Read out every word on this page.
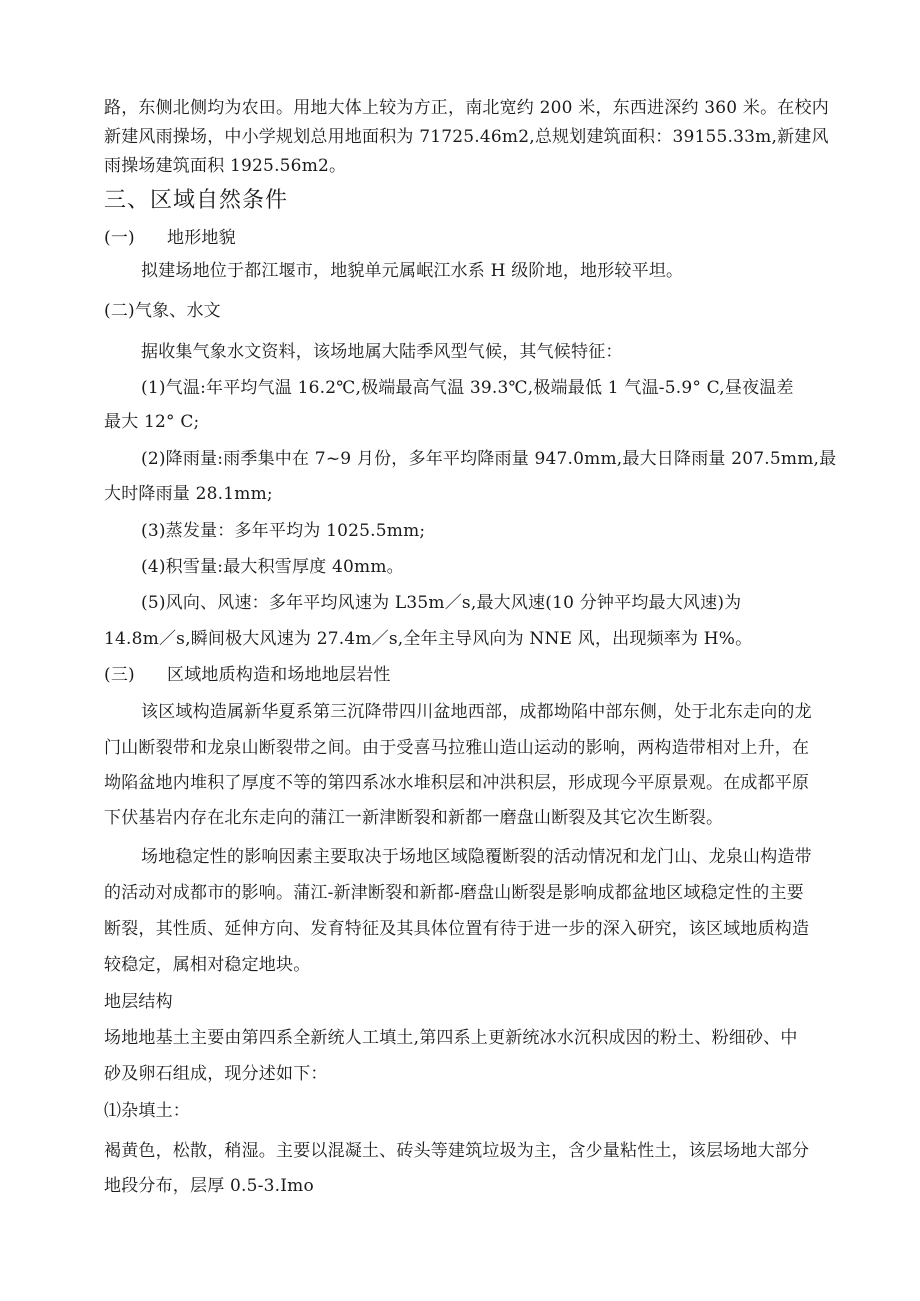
路，东侧北侧均为农田。用地大体上较为方正，南北宽约 200 米，东西进深约 360 米。在校内

新建风雨操场，中小学规划总用地面积为 71725.46m2,总规划建筑面积：39155.33m,新建风

雨操场建筑面积 1925.56m2。

三、区域自然条件

(一) 地形地貌

拟建场地位于都江堰市，地貌单元属岷江水系 H 级阶地，地形较平坦。

(二)气象、水文

据收集气象水文资料，该场地属大陆季风型气候，其气候特征：

(1)气温:年平均气温 16.2℃,极端最高气温 39.3℃,极端最低 1 气温-5.9° C,昼夜温差

最大 12° C;

(2)降雨量:雨季集中在 7~9 月份，多年平均降雨量 947.0mm,最大日降雨量 207.5mm,最

大时降雨量 28.1mm;

(3)蒸发量：多年平均为 1025.5mm;

(4)积雪量:最大积雪厚度 40mm。

(5)风向、风速：多年平均风速为 L35m／s,最大风速(10 分钟平均最大风速)为

14.8m／s,瞬间极大风速为 27.4m／s,全年主导风向为 NNE 风，出现频率为 H%。

(三) 区域地质构造和场地地层岩性

该区域构造属新华夏系第三沉降带四川盆地西部，成都坳陷中部东侧，处于北东走向的龙

门山断裂带和龙泉山断裂带之间。由于受喜马拉雅山造山运动的影响，两构造带相对上升，在

坳陷盆地内堆积了厚度不等的第四系冰水堆积层和冲洪积层，形成现今平原景观。在成都平原

下伏基岩内存在北东走向的蒲江一新津断裂和新都一磨盘山断裂及其它次生断裂。

场地稳定性的影响因素主要取决于场地区域隐覆断裂的活动情况和龙门山、龙泉山构造带

的活动对成都市的影响。蒲江-新津断裂和新都-磨盘山断裂是影响成都盆地区域稳定性的主要

断裂，其性质、延伸方向、发育特征及其具体位置有待于进一步的深入研究，该区域地质构造

较稳定，属相对稳定地块。

地层结构

场地地基土主要由第四系全新统人工填土,第四系上更新统冰水沉积成因的粉土、粉细砂、中

砂及卵石组成，现分述如下：

⑴杂填土：

褐黄色，松散，稍湿。主要以混凝土、砖头等建筑垃圾为主，含少量粘性土，该层场地大部分

地段分布，层厚 0.5-3.Imo
